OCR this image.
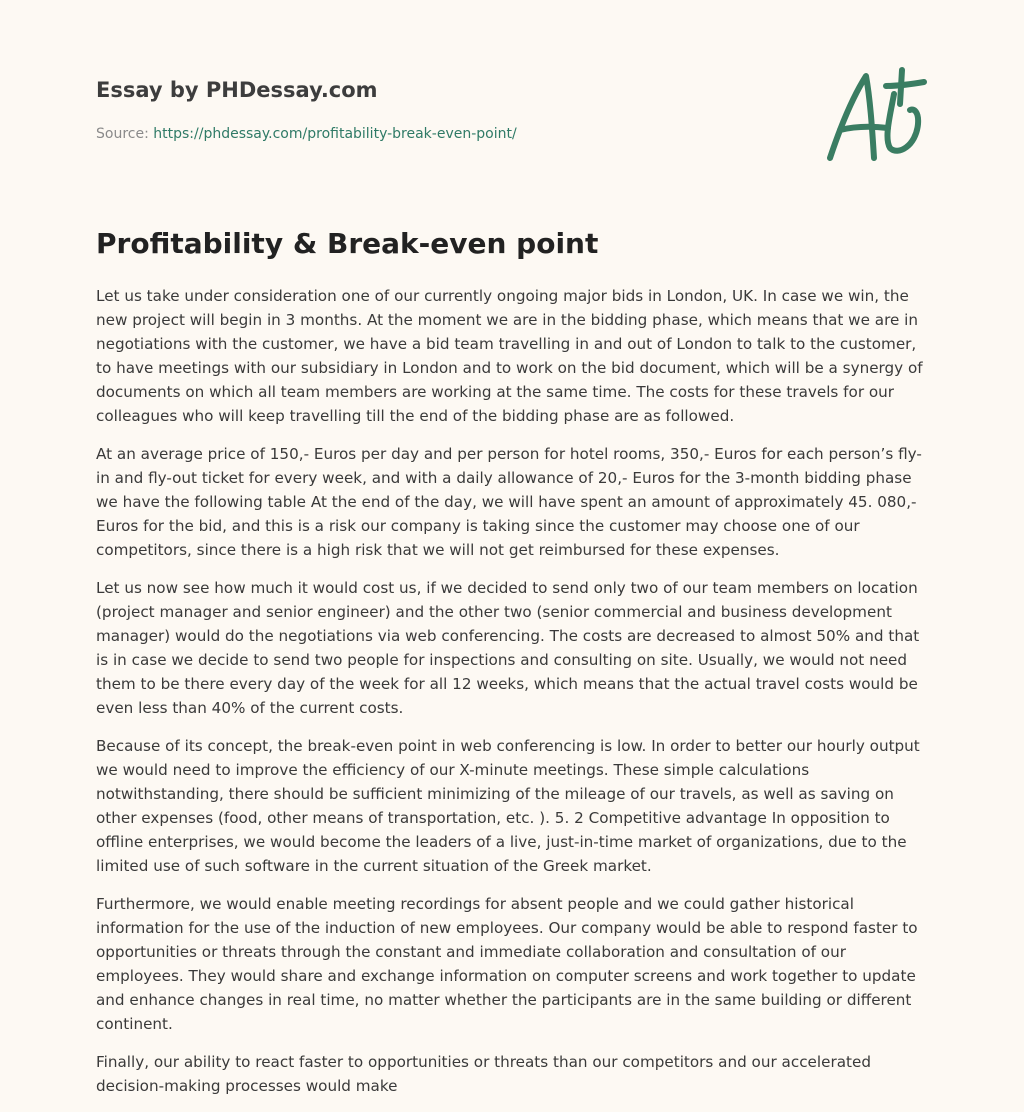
Essay by PHDessay.com
Source: https://phdessay.com/profitability-break-even-point/
Profitability & Break-even point

Let us take under consideration one of our currently ongoing major bids in London, UK. In case we win, the new project will begin in 3 months. At the moment we are in the bidding phase, which means that we are in negotiations with the customer, we have a bid team travelling in and out of London to talk to the customer, to have meetings with our subsidiary in London and to work on the bid document, which will be a synergy of documents on which all team members are working at the same time. The costs for these travels for our colleagues who will keep travelling till the end of the bidding phase are as followed.

At an average price of 150,- Euros per day and per person for hotel rooms, 350,- Euros for each person’s fly-in and fly-out ticket for every week, and with a daily allowance of 20,- Euros for the 3-month bidding phase we have the following table At the end of the day, we will have spent an amount of approximately 45. 080,- Euros for the bid, and this is a risk our company is taking since the customer may choose one of our competitors, since there is a high risk that we will not get reimbursed for these expenses.

Let us now see how much it would cost us, if we decided to send only two of our team members on location (project manager and senior engineer) and the other two (senior commercial and business development manager) would do the negotiations via web conferencing. The costs are decreased to almost 50% and that is in case we decide to send two people for inspections and consulting on site. Usually, we would not need them to be there every day of the week for all 12 weeks, which means that the actual travel costs would be even less than 40% of the current costs.

Because of its concept, the break-even point in web conferencing is low. In order to better our hourly output we would need to improve the efficiency of our X-minute meetings. These simple calculations notwithstanding, there should be sufficient minimizing of the mileage of our travels, as well as saving on other expenses (food, other means of transportation, etc. ). 5. 2 Competitive advantage In opposition to offline enterprises, we would become the leaders of a live, just-in-time market of organizations, due to the limited use of such software in the current situation of the Greek market.

Furthermore, we would enable meeting recordings for absent people and we could gather historical information for the use of the induction of new employees. Our company would be able to respond faster to opportunities or threats through the constant and immediate collaboration and consultation of our employees. They would share and exchange information on computer screens and work together to update and enhance changes in real time, no matter whether the participants are in the same building or different continent.

Finally, our ability to react faster to opportunities or threats than our competitors and our accelerated decision-making processes would make
